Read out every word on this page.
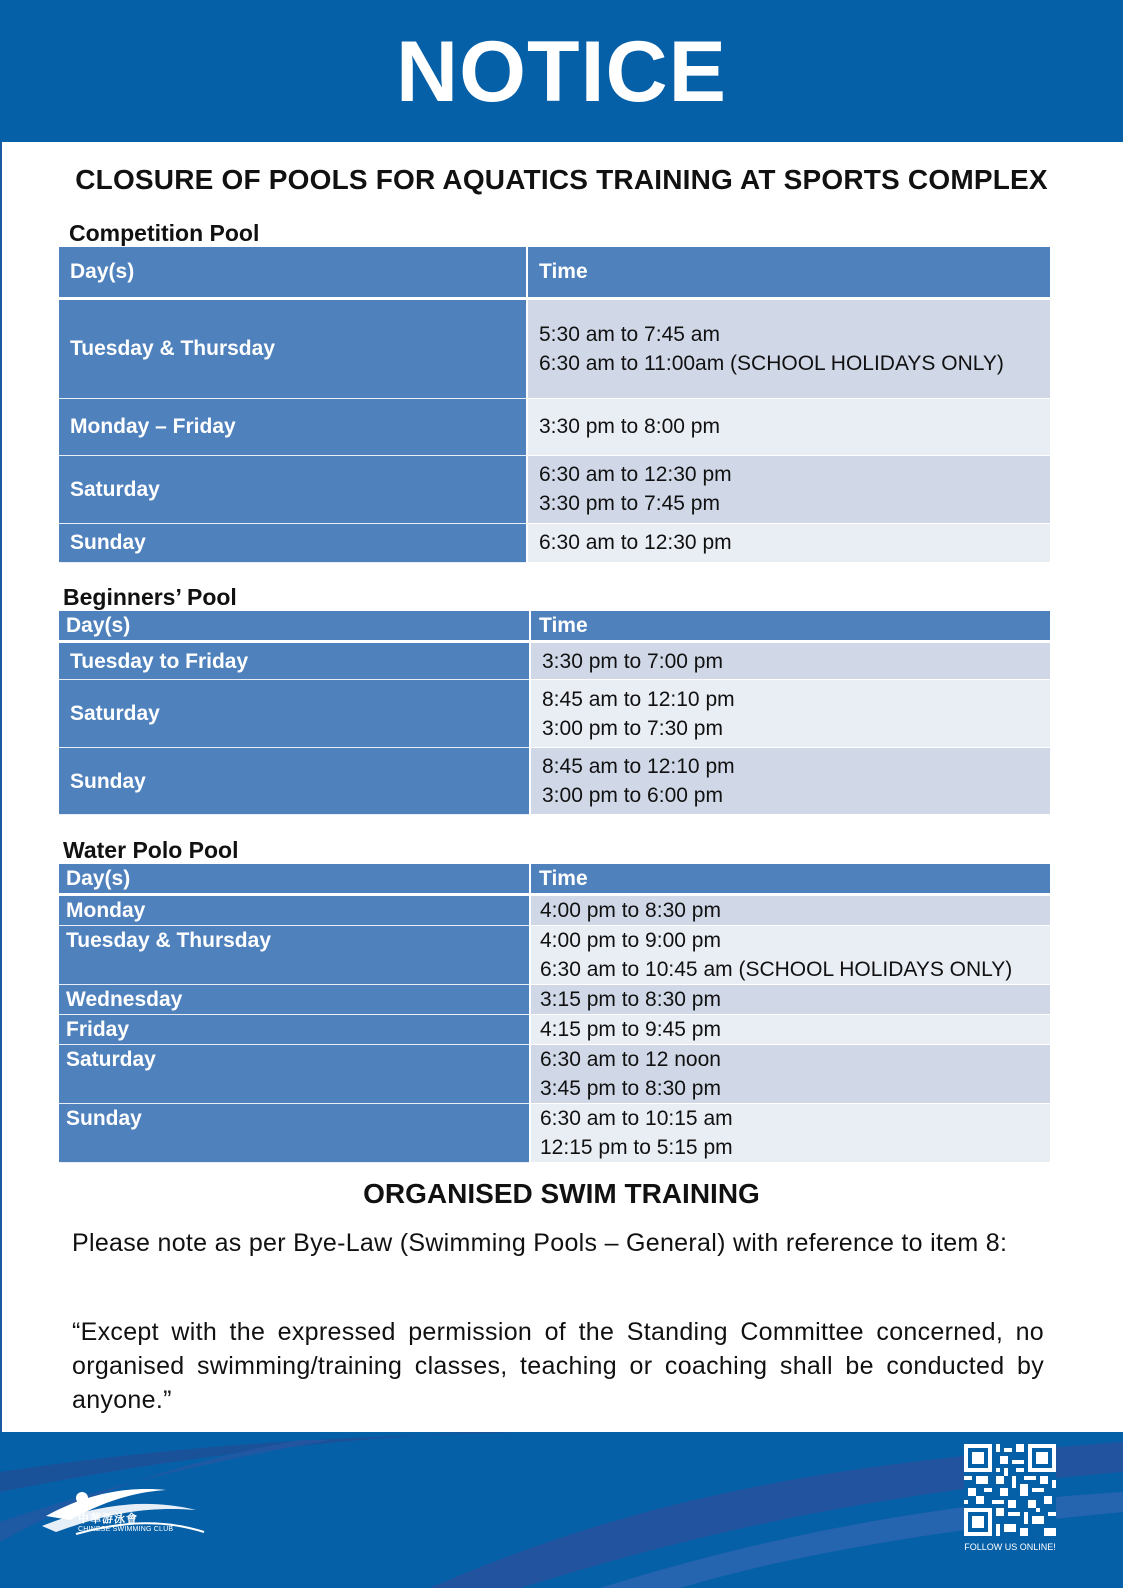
NOTICE
CLOSURE OF POOLS FOR AQUATICS TRAINING AT SPORTS COMPLEX
Competition Pool
Day(s)	Time
Tuesday & Thursday	5:30 am to 7:45 am
6:30 am to 11:00am (SCHOOL HOLIDAYS ONLY)

Monday – Friday	3:30 pm to 8:00 pm

Saturday	6:30 am to 12:30 pm
3:30 pm to 7:45 pm

Sunday	6:30 am to 12:30 pm
Beginners’ Pool
Day(s)	Time
Tuesday to Friday	3:30 pm to 7:00 pm

Saturday	8:45 am to 12:10 pm
3:00 pm to 7:30 pm

Sunday	8:45 am to 12:10 pm
3:00 pm to 6:00 pm
Water Polo Pool
Day(s)	Time
Monday	4:00 pm to 8:30 pm

Tuesday & Thursday	4:00 pm to 9:00 pm
6:30 am to 10:45 am (SCHOOL HOLIDAYS ONLY)

Wednesday	3:15 pm to 8:30 pm

Friday	4:15 pm to 9:45 pm

Saturday	6:30 am to 12 noon
3:45 pm to 8:30 pm

Sunday	6:30 am to 10:15 am
12:15 pm to 5:15 pm
ORGANISED SWIM TRAINING
Please note as per Bye-Law (Swimming Pools – General) with reference to item 8:
“Except with the expressed permission of the Standing Committee concerned, no organised swimming/training classes, teaching or coaching shall be conducted by anyone.”
中華游泳會
CHINESE SWIMMING CLUB
FOLLOW US ONLINE!
